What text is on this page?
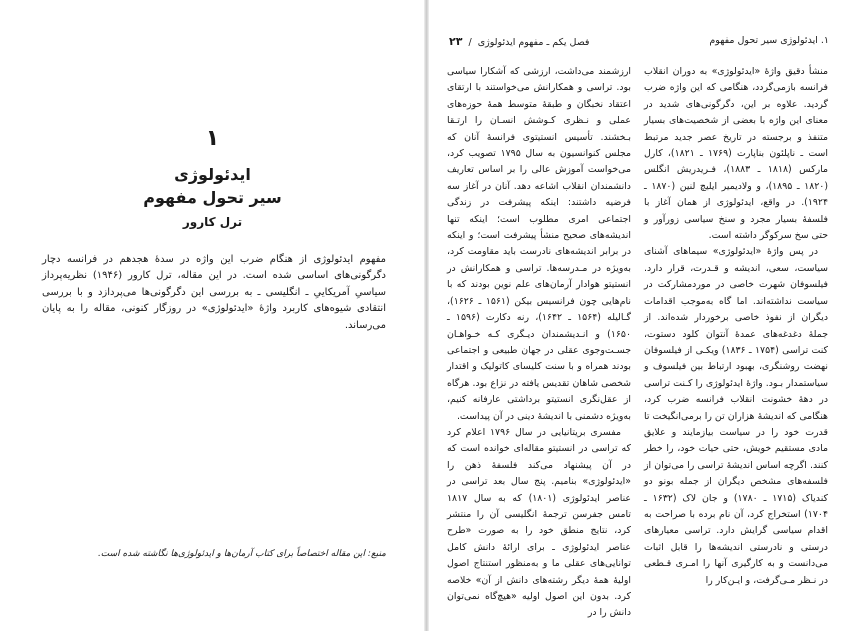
۱
ایدئولوژی
سیر تحول مفهوم
ترل کارور
مفهوم ایدئولوژی از هنگام ضرب این واژه در سدهٔ هجدهم در فرانسه دچار دگرگونی‌های اساسی شده است. در این مقاله، ترل کارور (۱۹۴۶) نظریه‌پرداز سیاسیِ آمریکاییِ ـ انگلیسی ـ به بررسی این دگرگونی‌ها می‌پردازد و با بررسی انتقادی شیوه‌های کاربرد واژهٔ «ایدئولوژی» در روزگار کنونی، مقاله را به پایان می‌رساند.
منبع: این مقاله اختصاصاً برای کتاب آرمان‌ها و ایدئولوژی‌ها نگاشته شده است.
فصل یکم ـ مفهوم ایدئولوژی  /  ۲۳	۱. ایدئولوژی سیر تحول مفهوم

منشأ دقیق واژهٔ «ایدئولوژی» به دوران انقلاب فرانسه بازمی‌گردد، هنگامی که این واژه ضرب گردید. علاوه بر این، دگرگونی‌های شدید در معنای این واژه با بعضی از شخصیت‌های بسیار متنفذ و برجسته در تاریخ عصر جدید مرتبط است ـ ناپلئون بناپارت (۱۷۶۹ ـ ۱۸۲۱)، کارل مارکس (۱۸۱۸ ـ ۱۸۸۳)، فـریدریش انگلس (۱۸۲۰ ـ ۱۸۹۵)، و ولادیمیر ایلیچ لنین (۱۸۷۰ ـ ۱۹۲۴). در واقع، ایدئولوژی از همان آغاز با فلسفهٔ بسیار مجرد و سنخ سیاسی زورآور و حتی سخ سرکوگر داشته است.

در پس واژهٔ «ایدئولوژی» سیماهای آشنای سیاست، سعی، اندیشه و قـدرت، قرار دارد. فیلسوفان شهرت خاصی در موردمشارکت در سیاست نداشته‌اند. اما گاه به‌موجب اقدامات دیگران از نفوذ خاصی برخوردار شده‌اند. از جملهٔ دغدغه‌های عمدهٔ آنتوان کلود دستوت، کنت تراسی (۱۷۵۴ ـ ۱۸۳۶) ویکـی از فیلسوفان نهضت روشنگری، بهبود ارتباط بین فیلسوف و سیاستمدار بـود. واژهٔ ایدئولوژی را کـنت تراسی در دههٔ خشونت انقلاب فرانسه ضرب کرد، هنگامی که اندیشهٔ هزاران تن را برمی‌انگیخت تا قدرت خود را در سیاست بیازمایند و علایق مادی مستقیم خویش، حتی حیات خود، را خطر کنند. اگرچه اساس اندیشهٔ تراسی را می‌توان از فلسفه‌های مشخص دیگران از جمله بونو دو کندیاک (۱۷۱۵ ـ ۱۷۸۰) و جان لاک (۱۶۳۲ ـ ۱۷۰۴) استخراج کرد، آن نام برده با صراحت به اقدام سیاسی گرایش دارد. تراسی معیارهای درستی و نادرستی اندیشه‌ها را قابل اثبات می‌دانست و به کارگیری آنها را امـری قـطعی در نـظر مـی‌گرفت، و ایـن‌کار را

ارزشمند می‌داشت، ارزشی که آشکارا سیاسی بود. تراسی و همکارانش می‌خواستند با ارتقای اعتقاد نخبگان و طبقهٔ متوسط همهٔ حوزه‌های عملی و نـظری کـوشش انسـان را ارتـقا بـخشند. تأسیس انستیتوی فرانسهٔ آنان که مجلس کنوانسیون به سال ۱۷۹۵ تصویب کرد، می‌خواست آموزش عالی را بر اساس تعاریف دانشمندان انقلاب اشاعه دهد. آنان در آغاز سه فرضیه داشتند: اینکه پیشرفت در زندگی اجتماعی امری مطلوب است؛ اینکه تنها اندیشه‌های صحیح منشأ پیشرفت است؛ و اینکه در برابر اندیشه‌های نادرست باید مقاومت کرد، به‌ویژه در مـدرسه‌ها. تراسی و همکارانش در انستیتو هوادار آرمان‌های علم نوین بودند که با نام‌هایی چون فرانسیس بیکن (۱۵۶۱ ـ ۱۶۲۶)، گـالیله (۱۵۶۴ ـ ۱۶۴۲)، رنه دکارت (۱۵۹۶ ـ ۱۶۵۰) و انـدیشمندان دیـگری کـه خـواهـان جسـت‌وجوی عقلی در جهان طبیعی و اجتماعی بودند همراه و با سنت کلیسای کاتولیک و اقتدار شخصی شاهان تقدیس یافته در نزاع بود. هرگاه از عقل‌نگری انستیتو برداشتی عارفانه کنیم، به‌ویژه دشمنی با اندیشهٔ دینی در آن پیداست.

مفسری بریتانیایی در سال ۱۷۹۶ اعلام کرد که تراسی در انستیتو مقاله‌ای خوانده است که در آن پیشنهاد می‌کند فلسفهٔ ذهن را «ایدئولوژی» بنامیم. پنج سال بعد تراسی در عناصر ایدئولوژی (۱۸۰۱) که به سال ۱۸۱۷ تامس جفرسن ترجمهٔ انگلیسی آن را منتشر کرد، نتایج منطق خود را به صورت «طرح عناصر ایدئولوژی ـ برای ارائهٔ دانش کامل توانایی‌های عقلی ما و به‌منظور استنتاج اصول اولیهٔ همهٔ دیگر رشته‌های دانش از آن» خلاصه کرد. بدون این اصول اولیه «هیچ‌گاه نمی‌توان دانش را در
